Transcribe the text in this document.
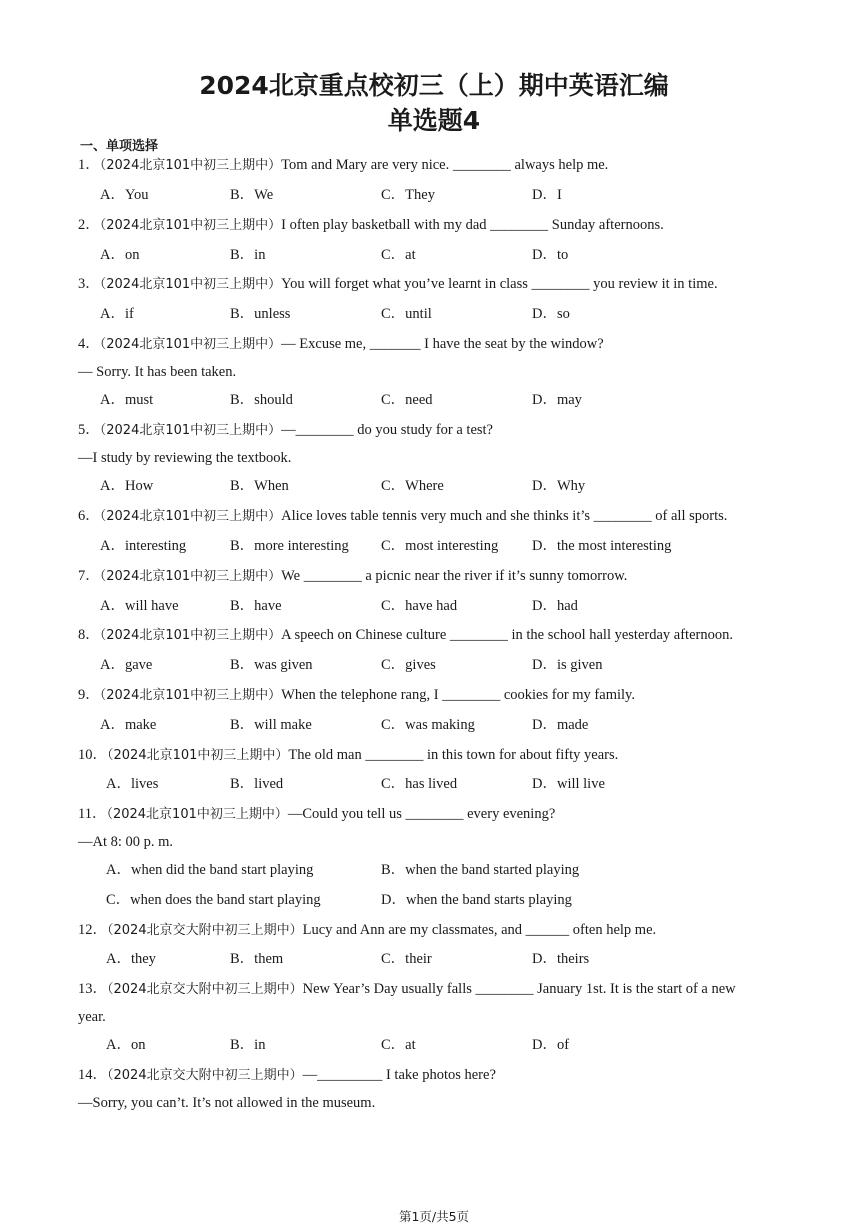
2024北京重点校初三（上）期中英语汇编
单选题4
一、单项选择
1．（2024北京101中初三上期中）Tom and Mary are very nice. ________ always help me.
A．You	B．We	C．They	D．I
2．（2024北京101中初三上期中）I often play basketball with my dad ________ Sunday afternoons.
A．on	B．in	C．at	D．to
3．（2024北京101中初三上期中）You will forget what you’ve learnt in class ________ you review it in time.
A．if	B．unless	C．until	D．so
4．（2024北京101中初三上期中）— Excuse me, _______ I have the seat by the window?
— Sorry. It has been taken.
A．must	B．should	C．need	D．may
5．（2024北京101中初三上期中）—________ do you study for a test?
—I study by reviewing the textbook.
A．How	B．When	C．Where	D．Why
6．（2024北京101中初三上期中）Alice loves table tennis very much and she thinks it’s ________ of all sports.
A．interesting	B．more interesting C．most interesting D．the most interesting
7．（2024北京101中初三上期中）We ________ a picnic near the river if it’s sunny tomorrow.
A．will have	B．have	C．have had	D．had
8．（2024北京101中初三上期中）A speech on Chinese culture ________ in the school hall yesterday afternoon.
A．gave	B．was given	C．gives	D．is given
9．（2024北京101中初三上期中）When the telephone rang, I ________ cookies for my family.
A．make	B．will make	C．was making	D．made
10．（2024北京101中初三上期中）The old man ________ in this town for about fifty years.
A．lives	B．lived	C．has lived	D．will live
11．（2024北京101中初三上期中）—Could you tell us ________ every evening?
—At 8: 00 p. m.
A．when did the band start playing	B．when the band started playing
C．when does the band start playing	D．when the band starts playing
12．（2024北京交大附中初三上期中）Lucy and Ann are my classmates, and ______ often help me.
A．they	B．them	C．their	D．theirs
13．（2024北京交大附中初三上期中）New Year’s Day usually falls ________ January 1st. It is the start of a new
year.
A．on	B．in	C．at	D．of
14．（2024北京交大附中初三上期中）—_________ I take photos here?
—Sorry, you can’t. It’s not allowed in the museum.
第1页/共5页
